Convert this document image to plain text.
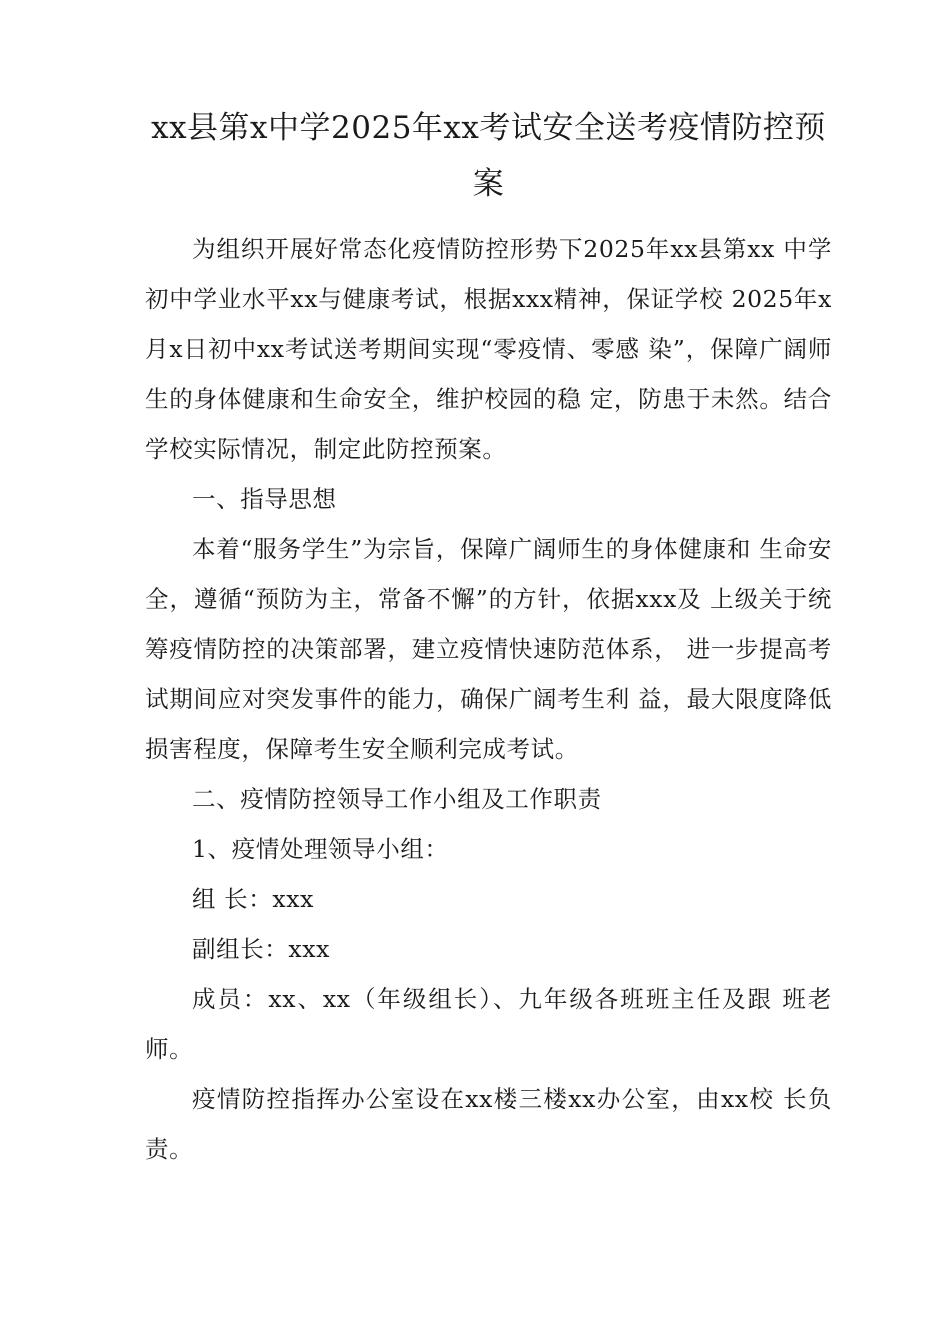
xx县第x中学2025年xx考试安全送考疫情防控预案

为组织开展好常态化疫情防控形势下2025年xx县第xx 中学初中学业水平xx与健康考试，根据xxx精神，保证学校 2025年x月x日初中xx考试送考期间实现“零疫情、零感 染”，保障广阔师生的身体健康和生命安全，维护校园的稳 定，防患于未然。结合学校实际情况，制定此防控预案。

一、指导思想

本着“服务学生”为宗旨，保障广阔师生的身体健康和 生命安全，遵循“预防为主，常备不懈”的方针，依据xxx及 上级关于统筹疫情防控的决策部署，建立疫情快速防范体系， 进一步提高考试期间应对突发事件的能力，确保广阔考生利 益，最大限度降低损害程度，保障考生安全顺利完成考试。

二、疫情防控领导工作小组及工作职责

1、疫情处理领导小组：

组 长：xxx

副组长：xxx

成员：xx、xx（年级组长）、九年级各班班主任及跟 班老师。

疫情防控指挥办公室设在xx楼三楼xx办公室，由xx校 长负责。
